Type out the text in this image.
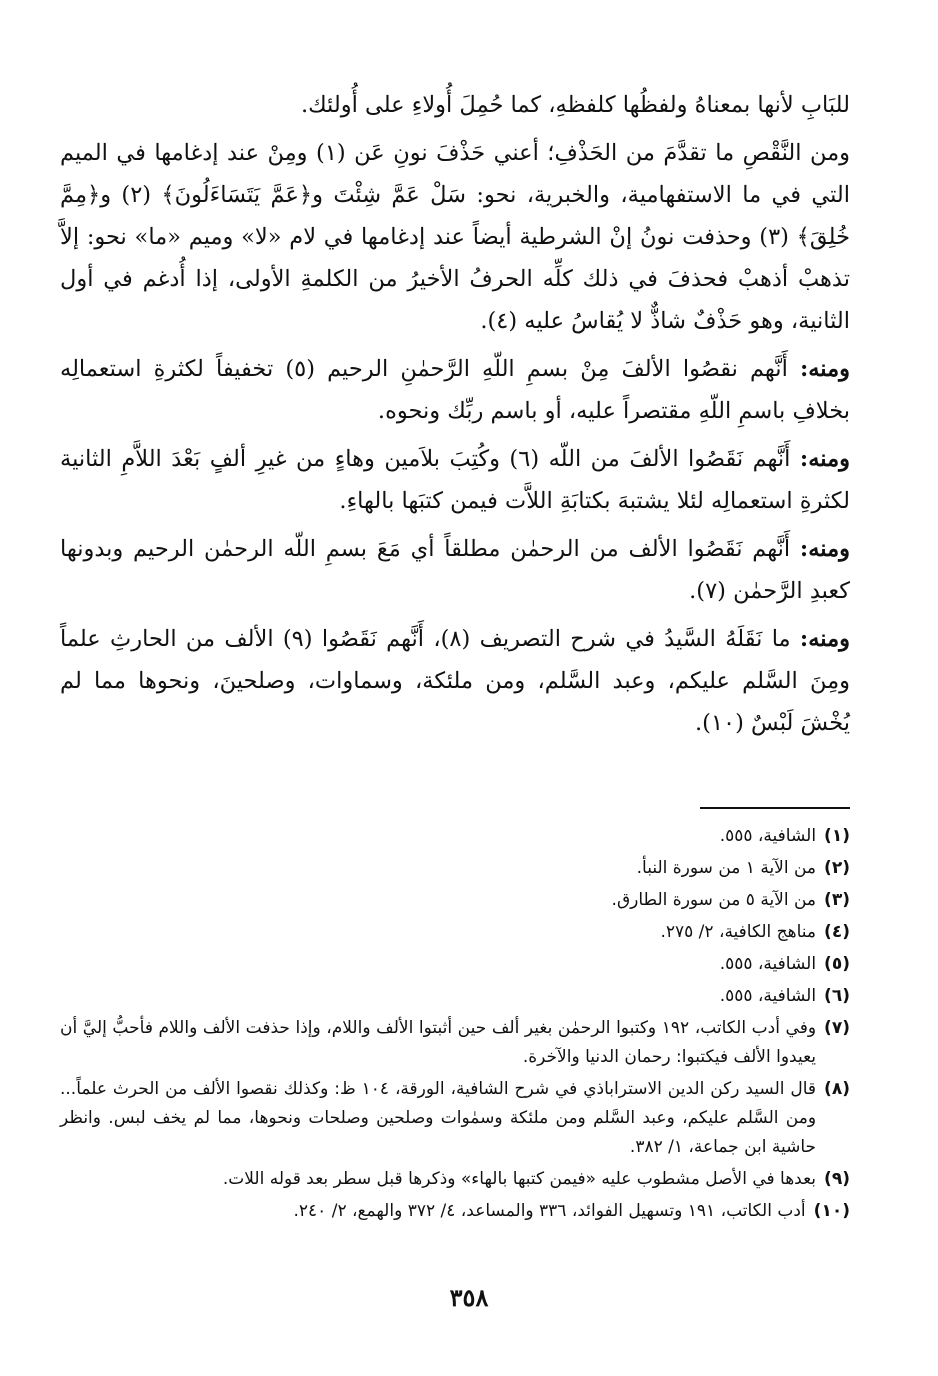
للبَابِ لأنها بمعناهُ ولفظُها كلفظهِ، كما حُمِلَ أُولاءِ على أُولئك.

ومن النَّقْصِ ما تقدَّمَ من الحَذْفِ؛ أعني حَذْفَ نونِ عَن (١) ومِنْ عند إدغامها في الميم التي في ما الاستفهامية، والخبرية، نحو: سَلْ عَمَّ شِئْتَ و﴿عَمَّ يَتَسَاءَلُونَ﴾ (٢) و﴿مِمَّ خُلِقَ﴾ (٣) وحذفت نونُ إنْ الشرطية أيضاً عند إدغامها في لام «لا» وميم «ما» نحو: إلاَّ تذهبْ أذهبْ فحذفَ في ذلك كلِّه الحرفُ الأخيرُ من الكلمةِ الأولى، إذا أُدغم في أول الثانية، وهو حَذْفٌ شاذٌّ لا يُقاسُ عليه (٤).

ومنه: أَنَّهم نقصُوا الألفَ مِنْ بسمِ اللّهِ الرَّحمٰنِ الرحيم (٥) تخفيفاً لكثرةِ استعمالِه بخلافِ باسمِ اللّهِ مقتصراً عليه، أو باسم ربِّك ونحوه.

ومنه: أَنَّهم نَقَصُوا الألفَ من اللّه (٦) وكُتِبَ بلاَمين وهاءٍ من غيرِ ألفٍ بَعْدَ اللاَّمِ الثانية لكثرةِ استعمالِه لئلا يشتبهَ بكتابَةِ اللاَّت فيمن كتبَها بالهاءِ.

ومنه: أَنَّهم نَقَصُوا الألف من الرحمٰن مطلقاً أي مَعَ بسمِ اللّه الرحمٰن الرحيم وبدونها كعبدِ الرَّحمٰن (٧).

ومنه: ما نَقَلَهُ السَّيدُ في شرح التصريف (٨)، أَنَّهم نَقَصُوا (٩) الألف من الحارثِ علماً ومِنَ السَّلم عليكم، وعبد السَّلم، ومن ملئكة، وسماوات، وصلحينَ، ونحوها مما لم يُخْشَ لَبْسٌ (١٠).

(١)
الشافية، ٥٥٥.
(٢)
من الآية ١ من سورة النبأ.
(٣)
من الآية ٥ من سورة الطارق.
(٤)
مناهج الكافية، ٢/ ٢٧٥.
(٥)
الشافية، ٥٥٥.
(٦)
الشافية، ٥٥٥.
(٧)
وفي أدب الكاتب، ١٩٢ وكتبوا الرحمٰن بغير ألف حين أثبتوا الألف واللام، وإذا حذفت الألف واللام فأحبُّ إليَّ أن يعيدوا الألف فيكتبوا: رحمان الدنيا والآخرة.
(٨)
قال السيد ركن الدين الاستراباذي في شرح الشافية، الورقة، ١٠٤ ظ: وكذلك نقصوا الألف من الحرث علماً... ومن السَّلم عليكم، وعبد السَّلم ومن ملئكة وسمٰوات وصلحين وصلحات ونحوها، مما لم يخف لبس. وانظر حاشية ابن جماعة، ١/ ٣٨٢.
(٩)
بعدها في الأصل مشطوب عليه «فيمن كتبها بالهاء» وذكرها قبل سطر بعد قوله اللات.
(١٠)
أدب الكاتب، ١٩١ وتسهيل الفوائد، ٣٣٦ والمساعد، ٤/ ٣٧٢ والهمع، ٢/ ٢٤٠.
٣٥٨
